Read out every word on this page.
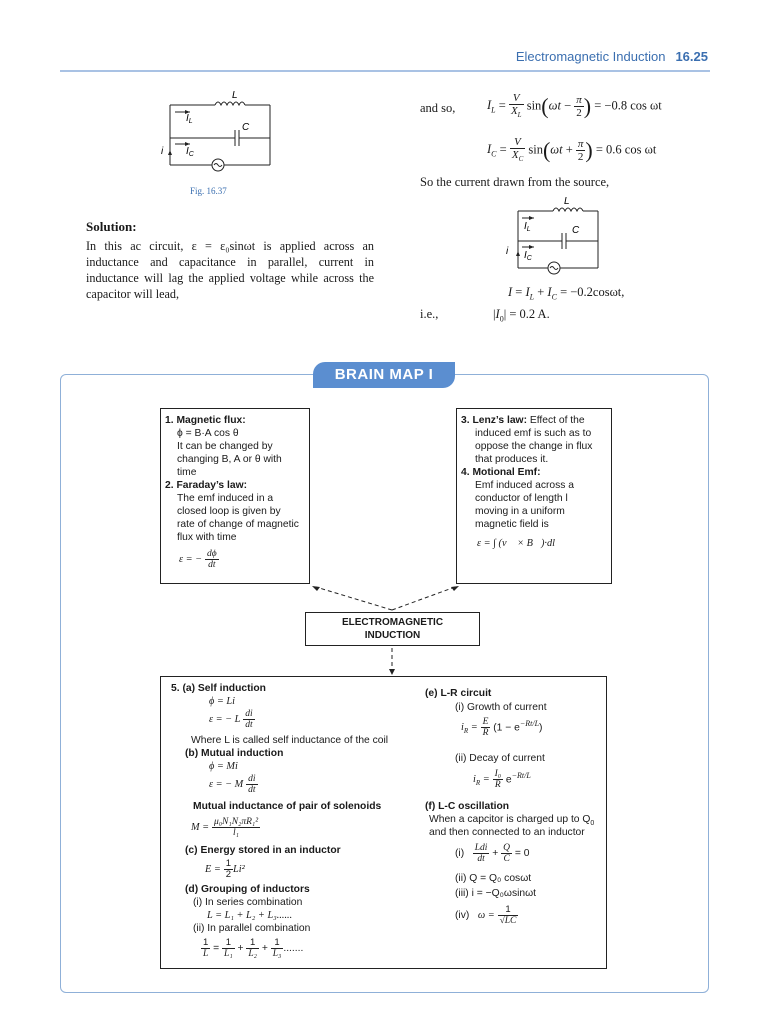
Electromagnetic Induction 16.25
L
C
$I_L$
$I_C$
i
Fig. 16.37
Solution:
In this ac circuit, ε = ε₀sinωt is applied across an inductance and capacitance in parallel, current in inductance will lag the applied voltage while across the capacitor will lead,
and so,	$I_L = \frac{V}{X_L} \sin(\omega t - \frac{\pi}{2}$ ) = −0.8 cos ωt
$I_C = \frac{V}{X_C} \sin(\omega t + \frac{\pi}{2}$ ) = 0.6 cos ωt
So the current drawn from the source,
L
C
$I_L$
$I_C$
i
$I = I_L + I_C = -0.2\cos\omega t$,
i.e.,	$|I_0| = 0.2$ A.
BRAIN MAP I
1. Magnetic flux:
ϕ = B·A cos θ
It can be changed by
changing B, A or θ with
time
2. Faraday’s law:
The emf induced in a
closed loop is given by
rate of change of magnetic
flux with time
ε = − $\frac{d\phi}{dt}$
3. Lenz’s law: Effect of the
induced emf is such as to
oppose the change in flux
that produces it.
4. Motional Emf:
Emf induced across a
conductor of length l
moving in a uniform
magnetic field is
ε = ∫ (v⃗ × B⃗)·dl⃗
ELECTROMAGNETIC
INDUCTION
5. (a) Self induction
ϕ = Li
ε = − L $\frac{di}{dt}$
Where L is called self inductance of the coil
(b) Mutual induction
ϕ = Mi
ε = − M $\frac{di}{dt}$
Mutual inductance of pair of solenoids
$M = \frac{\text{μ₀N₁N₂πR₁²}}{\text{l₁}}$
(c) Energy stored in an inductor
$E = \frac{1}{2} Li^2$
(d) Grouping of inductors
(i) In series combination
L = L₁ + L₂ + L₃......
(ii) In parallel combination
$\frac{1}{L} = \frac{1}{\text{L₁}} + \frac{1}{\text{L₂}} + \frac{1}{\text{L₃}}$ .......
(e) L-R circuit
(i) Growth of current
$i_R = \frac{E}{R} (1 - e^{-Rt/L})$
(ii) Decay of current
$i_R = \frac{\text{I₀}}{R} e^{-Rt/L}$
(f) L-C oscillation
When a capcitor is charged up to $Q_0$
and then connected to an inductor
(i)
Ldi
dt + $\frac{Q}{C} = 0$
(ii) Q = Q₀ cosωt
(iii) i = −Q₀ωsinωt
(iv)   $\omega = \frac{1}{√LC}$
